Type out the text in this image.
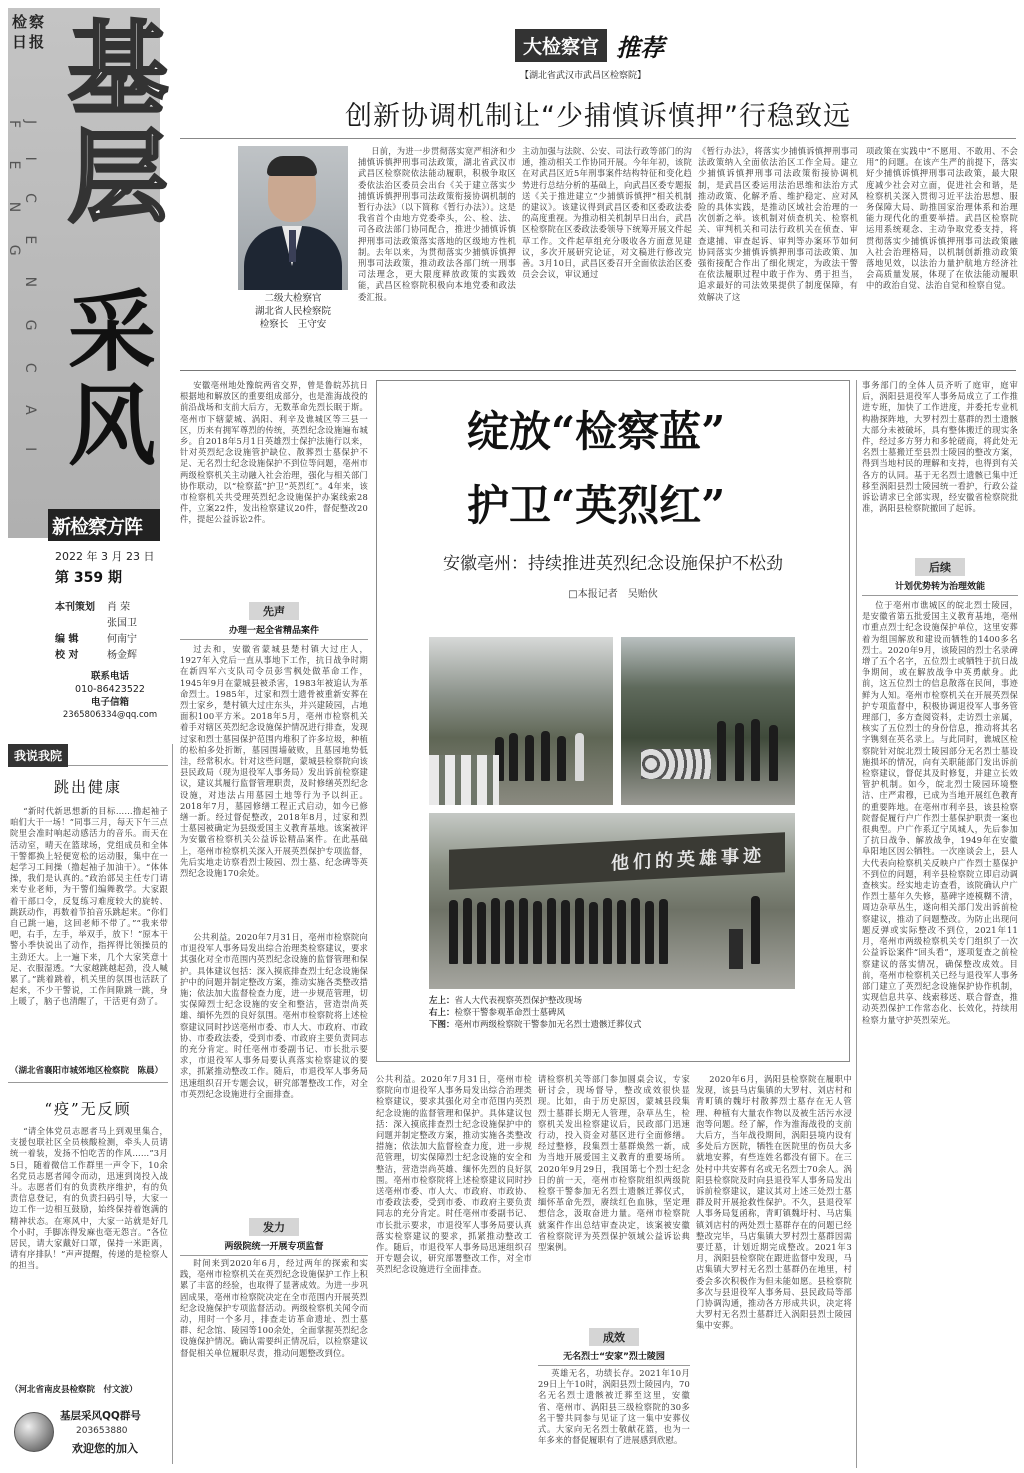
检察日报 基层
J I C E N G C A I F E N G
采风
新检察方阵
2022 年 3 月 23 日
第 359 期
本刊策划 肖 荣
张国卫
编 辑	何南宁
校 对	杨金辉
联系电话
010-86423522
电子信箱
2365806334@qq.com
我说我院
跳出健康

“新时代新思想新的目标……撸起袖子咱们大干一场！”同事三月，每天下午三点院里会准时响起动感活力的音乐。而天在活动室，晴天在篮球场，党组成员和全体干警都换上轻便宽松的运动服，集中在一起学习工间操（撸起袖子加油干）。“体体操，我们是认真的。”政治部吴主任专门请来专业老师，为干警们编舞教学。大家跟着干部口令，反复练习难度较大的旋转、跳跃动作，再数着节拍音乐跳起来。“你们自己跳一遍，这回老师不带了。”“我来带吧，右手，左手，举双手，放下！”原本干警小季快说出了动作，指挥得比领操员的主劲还大。上一遍下来，几个大家笑意十足、衣服湿透。“大家越跳越起劲，没人喊累了。”跳着跳着，机关里的氛围也活跃了起来，不少干警说，工作间隙跳一跳，身上暖了，脑子也清醒了，干活更有劲了。

（湖北省襄阳市城郊地区检察院　陈晨）
“疫”无反顾

“请全体党员志愿者马上到观里集合，支援包联社区全员核酸检测，牵头人员请统一着装，发扬不怕吃苦的作风……”3月5日，随着微信工作群里一声令下，10余名党员志愿者闻令而动，迅速到岗投入战斗。志愿者们有的负责秩序维护，有的负责信息登记，有的负责扫码引导，大家一边工作一边相互鼓励，始终保持着饱满的精神状态。在寒风中，大家一站就是好几个小时，手脚冻得发麻也毫无怨言。“各位居民，请大家戴好口罩，保持一米距离，请有序排队！”声声提醒，传递的是检察人的担当。

（河北省南皮县检察院　付文波）
基层采风QQ群号
203653880
欢迎您的加入
大检察官 推荐
【湖北省武汉市武昌区检察院】
创新协调机制让“少捕慎诉慎押”行稳致远
二级大检察官
湖北省人民检察院
检察长　王守安

日前，为进一步贯彻落实宽严相济和少捕慎诉慎押刑事司法政策，湖北省武汉市武昌区检察院依法能动履职，积极争取区委依法治区委员会出台《关于建立落实少捕慎诉慎押刑事司法政策衔接协调机制的暂行办法》（以下简称《暂行办法》）。这是我省首个由地方党委牵头，公、检、法、司各政法部门协同配合，推进少捕慎诉慎押刑事司法政策落实落地的区级地方性机制。去年以来，为贯彻落实少捕慎诉慎押刑事司法政策，推动政法各部门统一刑事司法理念，更大限度释放政策的实践效能，武昌区检察院积极向本地党委和政法委汇报。

主动加强与法院、公安、司法行政等部门的沟通，推动相关工作协同开展。今年年初，该院在对武昌区近5年刑事案件结构特征和变化趋势进行总结分析的基础上，向武昌区委专题报送《关于推进建立“少捕慎诉慎押”相关机制的建议》。该建议得到武昌区委和区委政法委的高度重视。为推动相关机制早日出台，武昌区检察院在区委政法委领导下统筹开展文件起草工作。文件起草组充分吸收各方面意见建议，多次开展研究论证，对文稿进行修改完善。3月10日，武昌区委召开全面依法治区委员会会议，审议通过

《暂行办法》，将落实少捕慎诉慎押刑事司法政策纳入全面依法治区工作全局。建立少捕慎诉慎押刑事司法政策衔接协调机制，是武昌区委运用法治思维和法治方式推动政策、化解矛盾、维护稳定、应对风险的具体实践，是推动区域社会治理的一次创新之举。该机制对侦查机关、检察机关、审判机关和司法行政机关在侦查、审查逮捕、审查起诉、审判等办案环节如何协同落实少捕慎诉慎押刑事司法政策、加强衔接配合作出了细化规定，为政法干警在依法履职过程中敢于作为、勇于担当，追求最好的司法效果提供了制度保障，有效解决了这

项政策在实践中“不愿用、不敢用、不会用”的问题。在该产生严的前提下，落实好少捕慎诉慎押刑事司法政策，最大限度减少社会对立面，促进社会和谐，是检察机关深入贯彻习近平法治思想、服务保障大局、助推国家治理体系和治理能力现代化的重要举措。武昌区检察院运用系统观念、主动争取党委支持，将贯彻落实少捕慎诉慎押刑事司法政策融入社会治理格局，以机制创新推动政策落地见效，以法治力量护航地方经济社会高质量发展，体现了在依法能动履职中的政治自觉、法治自觉和检察自觉。

安徽亳州地处豫皖两省交界，曾是鲁皖苏抗日根据地和解放区的重要组成部分，也是淮海战役的前沿战场和支前大后方，无数革命先烈长眠于斯。亳州市下辖蒙城、涡阳、利辛及谯城区等三县一区，历来有拥军尊烈的传统，英烈纪念设施遍布城乡。自2018年5月1日英雄烈士保护法施行以来，针对英烈纪念设施管护缺位、散葬烈士墓保护不足、无名烈士纪念设施保护不到位等问题，亳州市两级检察机关主动融入社会治理，强化与相关部门协作联动，以“检察蓝”护卫“英烈红”。4年来，该市检察机关共受理英烈纪念设施保护办案线索28件，立案22件，发出检察建议20件，督促整改20件，提起公益诉讼2件。

先声
办理一起全省精品案件

过去和，安徽省蒙城县楚村镇大过庄人，1927年入党后一直从事地下工作，抗日战争时期在新四军六支队司令员彭雪枫处做革命工作，1945年9月在蒙城县被杀害，1983年被追认为革命烈士。1985年，过家和烈士遗骨被重新安葬在烈士家乡，楚村镇大过庄东头，并兴建陵园，占地面积100平方米。2018年5月，亳州市检察机关着手对辖区英烈纪念设施保护情况进行排查，发现过家和烈士墓园保护范围内堆积了许多垃圾，种植的松柏多处折断，墓园围墙破败，且墓园地势低洼，经常积水。针对这些问题，蒙城县检察院向该县民政局（现为退役军人事务局）发出诉前检察建议，建议其履行监督管理职责，及时修缮英烈纪念设施，对违法占用墓园土地等行为予以纠正。2018年7月，墓园修缮工程正式启动，如今已修缮一新。经过督促整改，2018年8月，过家和烈士墓园被确定为县级爱国主义教育基地。该案被评为安徽省检察机关公益诉讼精品案件。在此基础上，亳州市检察机关深入开展英烈保护专项监督，先后实地走访察看烈士陵园、烈士墓、纪念碑等英烈纪念设施170余处。

发力
两级院统一开展专项监督

时间来到2020年6月，经过两年的探索和实践，亳州市检察机关在英烈纪念设施保护工作上积累了丰富的经验，也取得了显著成效。为进一步巩固成果，亳州市检察院决定在全市范围内开展英烈纪念设施保护专项监督活动。两级检察机关闻令而动，用时一个多月，排查走访革命遗址、烈士墓群、纪念馆、陵园等100余处，全面掌握英烈纪念设施保护情况。确认需要纠正情况后，以检察建议督促相关单位履职尽责，推动问题整改到位。

公共利益。2020年7月31日，亳州市检察院向市退役军人事务局发出综合治理类检察建议，要求其强化对全市范围内英烈纪念设施的监督管理和保护。具体建议包括：深入摸底排查烈士纪念设施保护中的问题并制定整改方案，推动实施各类整改措施；依法加大监督检查力度，进一步规范管理，切实保障烈士纪念设施的安全和整洁，营造崇尚英雄、缅怀先烈的良好氛围。亳州市检察院将上述检察建议同时抄送亳州市委、市人大、市政府、市政协、市委政法委，受到市委、市政府主要负责同志的充分肯定。时任亳州市委副书记、市长批示要求，市退役军人事务局要认真落实检察建议的要求，抓紧推动整改工作。随后，市退役军人事务局迅速组织召开专题会议，研究部署整改工作，对全市英烈纪念设施进行全面排查。

绽放“检察蓝”
护卫“英烈红”
安徽亳州：持续推进英烈纪念设施保护不松劲
□本报记者　吴贻伙
他们的英雄事迹
左上：省人大代表视察英烈保护整改现场
右上：检察干警参观革命烈士墓碑风
下图：亳州市两级检察院干警参加无名烈士遗骸迁葬仪式

请检察机关等部门参加圆桌会议，专家研讨会，现场督导，整改成效很快显现。比如，由于历史原因，蒙城县段集烈士墓群长期无人管理，杂草丛生，检察机关发出检察建议后，民政部门迅速行动，投入资金对墓区进行全面修缮。经过整修，段集烈士墓群焕然一新，成为当地开展爱国主义教育的重要场所。2020年9月29日，我国第七个烈士纪念日的前一天，亳州市检察院组织两级院检察干警参加无名烈士遗骸迁葬仪式，缅怀革命先烈，赓续红色血脉，坚定理想信念，汲取奋进力量。亳州市检察院就案件作出总结审查决定，该案被安徽省检察院评为英烈保护领域公益诉讼典型案例。

成效
无名烈士“安家”烈士陵园

英雄无名，功绩长存。2021年10月29日上午10时，涡阳县烈士陵园内，70名无名烈士遗骸被迁葬至这里，安徽省、亳州市、涡阳县三级检察院的30多名干警共同参与见证了这一集中安葬仪式。大家向无名烈士敬献花篮，也为一年多来的督促履职有了进展感到欣慰。

公共利益。2020年7月31日，亳州市检察院向市退役军人事务局发出综合治理类检察建议，要求其强化对全市范围内英烈纪念设施的监督管理和保护。具体建议包括：深入摸底排查烈士纪念设施保护中的问题并制定整改方案，推动实施各类整改措施；依法加大监督检查力度，进一步规范管理，切实保障烈士纪念设施的安全和整洁，营造崇尚英雄、缅怀先烈的良好氛围。亳州市检察院将上述检察建议同时抄送亳州市委、市人大、市政府、市政协、市委政法委，受到市委、市政府主要负责同志的充分肯定。时任亳州市委副书记、市长批示要求，市退役军人事务局要认真落实检察建议的要求，抓紧推动整改工作。随后，市退役军人事务局迅速组织召开专题会议，研究部署整改工作，对全市英烈纪念设施进行全面排查。

2020年6月，涡阳县检察院在履职中发现，该县马店集镇的大罗村、刘店村和青町镇的魏圩村散葬烈士墓存在无人管理、种植有大量农作物以及被生活污水浸泡等问题。经了解，作为淮海战役的支前大后方，当年战役期间，涡阳县境内设有多处后方医院，牺牲在医院里的伤员大多就地安葬，有些连姓名都没有留下。在三处村中共安葬有名或无名烈士70余人。涡阳县检察院及时向县退役军人事务局发出诉前检察建议，建议其对上述三处烈士墓群及时开展抢救性保护。不久，县退役军人事务局复函称，青町镇魏圩村、马店集镇刘店村的两处烈士墓群存在的问题已经整改完毕，马店集镇大罗村烈士墓群因需要迁墓，计划近期完成整改。2021年3月，涡阳县检察院在跟进监督中发现，马店集镇大罗村无名烈士墓群仍在地里，村委会多次积极作为但未能如愿。县检察院多次与县退役军人事务局、县民政局等部门协调沟通，推动各方形成共识，决定将大罗村无名烈士墓群迁入涡阳县烈士陵园集中安葬。

事务部门的全体人员齐听了庭审，庭审后，涡阳县退役军人事务局成立了工作推进专班，加快了工作进度，并委托专业机构勘探阵地，大罗村烈士墓群的烈士遗骸大部分未被破坏，具有整体搬迁的现实条件，经过多方努力和多轮磋商，将此处无名烈士墓搬迁至县烈士陵园的整改方案，得到当地村民的理解和支持，也得到有关各方的认同。基于无名烈士遗骸已集中迁移至涡阳县烈士陵园统一看护，行政公益诉讼请求已全部实现，经安徽省检察院批准，涡阳县检察院撤回了起诉。

后续
计划优势转为治理效能

位于亳州市谯城区的皖北烈士陵园，是安徽省第五批爱国主义教育基地，亳州市重点烈士纪念设施保护单位，这里安葬着为组国解放和建设而牺牲的1400多名烈士。2020年9月，该陵园的烈士名录碑增了五个名字，五位烈士或牺牲于抗日战争期间，或在解放战争中英勇献身。此前，这五位烈士的信息散落在民间，事迹鲜为人知。亳州市检察机关在开展英烈保护专项监督中，积极协调退役军人事务管理部门，多方查阅资料，走访烈士亲属，核实了五位烈士的身份信息，推动将其名字镌刻在英名录上。与此同时，谯城区检察院针对皖北烈士陵园部分无名烈士墓设施损坏的情况，向有关职能部门发出诉前检察建议，督促其及时修复，并建立长效管护机制。如今，皖北烈士陵园环境整洁、庄严肃穆，已成为当地开展红色教育的重要阵地。在亳州市利辛县，该县检察院督促履行户广作烈士墓保护职责一案也很典型。户广作系辽宁凤城人，先后参加了抗日战争、解放战争，1949年在安徽阜阳地区因公牺牲。一次座谈会上，县人大代表向检察机关反映户广作烈士墓保护不到位的问题，利辛县检察院立即启动调查核实。经实地走访查看，该院确认户广作烈士墓年久失修，墓碑字迹模糊不清，周边杂草丛生，遂向相关部门发出诉前检察建议，推动了问题整改。为防止出现问题反弹或实际整改不到位，2021年11月，亳州市两级检察机关专门组织了一次公益诉讼案件“回头看”，逐项复查之前检察建议的落实情况，确保整改成效。目前，亳州市检察机关已经与退役军人事务部门建立了英烈纪念设施保护协作机制，实现信息共享、线索移送、联合督查，推动英烈保护工作常态化、长效化，持续用检察力量守护英烈荣光。
